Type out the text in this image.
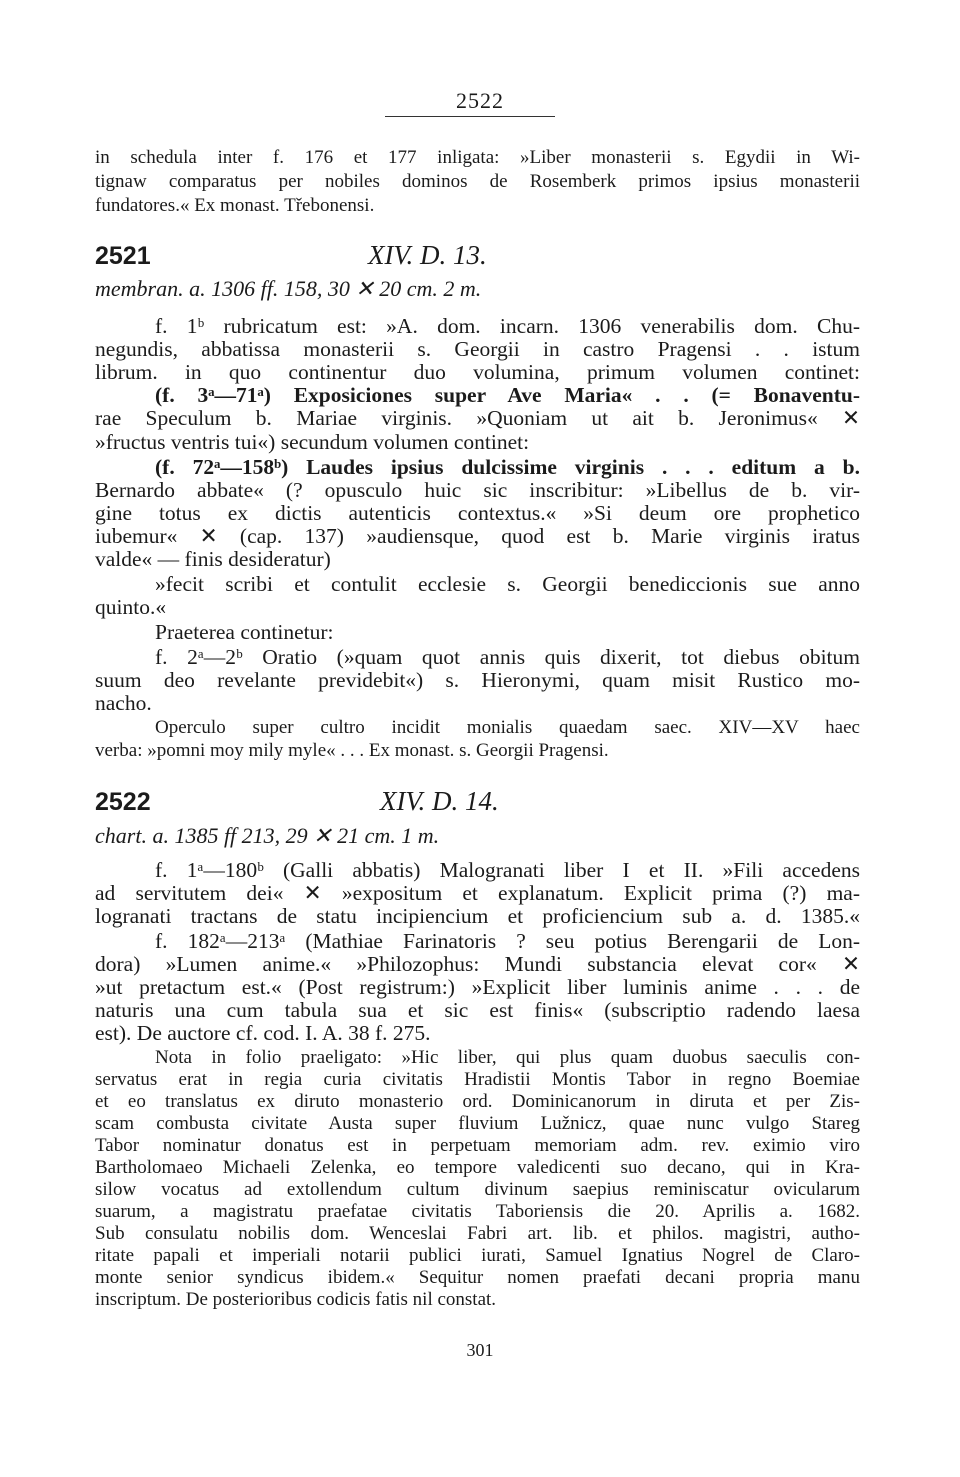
2522
in schedula inter f. 176 et 177 inligata: »Liber monasterii s. Egydii in Wi-
tignaw comparatus per nobiles dominos de Rosemberk primos ipsius monasterii
fundatores.« Ex monast. Třebonensi.
2521	XIV. D. 13.
membran. a. 1306 ff. 158, 30 ✕ 20 cm. 2 m.
f. 1ᵇ rubricatum est: »A. dom. incarn. 1306 venerabilis dom. Chu-
negundis, abbatissa monasterii s. Georgii in castro Pragensi . . istum
librum. in quo continentur duo volumina, primum volumen continet:
(f. 3ᵃ—71ᵃ) Exposiciones super Ave Maria« . . (= Bonaventu-
rae Speculum b. Mariae virginis. »Quoniam ut ait b. Jeronimus« ✕
»fructus ventris tui«) secundum volumen continet:
(f. 72ᵃ—158ᵇ) Laudes ipsius dulcissime virginis . . . editum a b.
Bernardo abbate« (? opusculo huic sic inscribitur: »Libellus de b. vir-
gine totus ex dictis autenticis contextus.« »Si deum ore prophetico
iubemur« ✕ (cap. 137) »audiensque, quod est b. Marie virginis iratus
valde« — finis desideratur)
»fecit scribi et contulit ecclesie s. Georgii benediccionis sue anno
quinto.«
Praeterea continetur:
f. 2ᵃ—2ᵇ Oratio (»quam quot annis quis dixerit, tot diebus obitum
suum deo revelante previdebit«) s. Hieronymi, quam misit Rustico mo-
nacho.
Operculo super cultro incidit monialis quaedam saec. XIV—XV haec
verba: »pomni moy mily myle« . . . Ex monast. s. Georgii Pragensi.
2522	XIV. D. 14.
chart. a. 1385 ff 213, 29 ✕ 21 cm. 1 m.
f. 1ᵃ—180ᵇ (Galli abbatis) Malogranati liber I et II. »Fili accedens
ad servitutem dei« ✕ »expositum et explanatum. Explicit prima (?) ma-
logranati tractans de statu incipiencium et proficiencium sub a. d. 1385.«
f. 182ᵃ—213ᵃ (Mathiae Farinatoris ? seu potius Berengarii de Lon-
dora) »Lumen anime.« »Philozophus: Mundi substancia elevat cor« ✕
»ut pretactum est.« (Post registrum:) »Explicit liber luminis anime . . . de
naturis una cum tabula sua et sic est finis« (subscriptio radendo laesa
est). De auctore cf. cod. I. A. 38 f. 275.
Nota in folio praeligato: »Hic liber, qui plus quam duobus saeculis con-
servatus erat in regia curia civitatis Hradistii Montis Tabor in regno Boemiae
et eo translatus ex diruto monasterio ord. Dominicanorum in diruta et per Zis-
scam combusta civitate Austa super fluvium Lužnicz, quae nunc vulgo Stareg
Tabor nominatur donatus est in perpetuam memoriam adm. rev. eximio viro
Bartholomaeo Michaeli Zelenka, eo tempore valedicenti suo decano, qui in Kra-
silow vocatus ad extollendum cultum divinum saepius reminiscatur ovicularum
suarum, a magistratu praefatae civitatis Taboriensis die 20. Aprilis a. 1682.
Sub consulatu nobilis dom. Wenceslai Fabri art. lib. et philos. magistri, autho-
ritate papali et imperiali notarii publici iurati, Samuel Ignatius Nogrel de Claro-
monte senior syndicus ibidem.« Sequitur nomen praefati decani propria manu
inscriptum. De posterioribus codicis fatis nil constat.
301
